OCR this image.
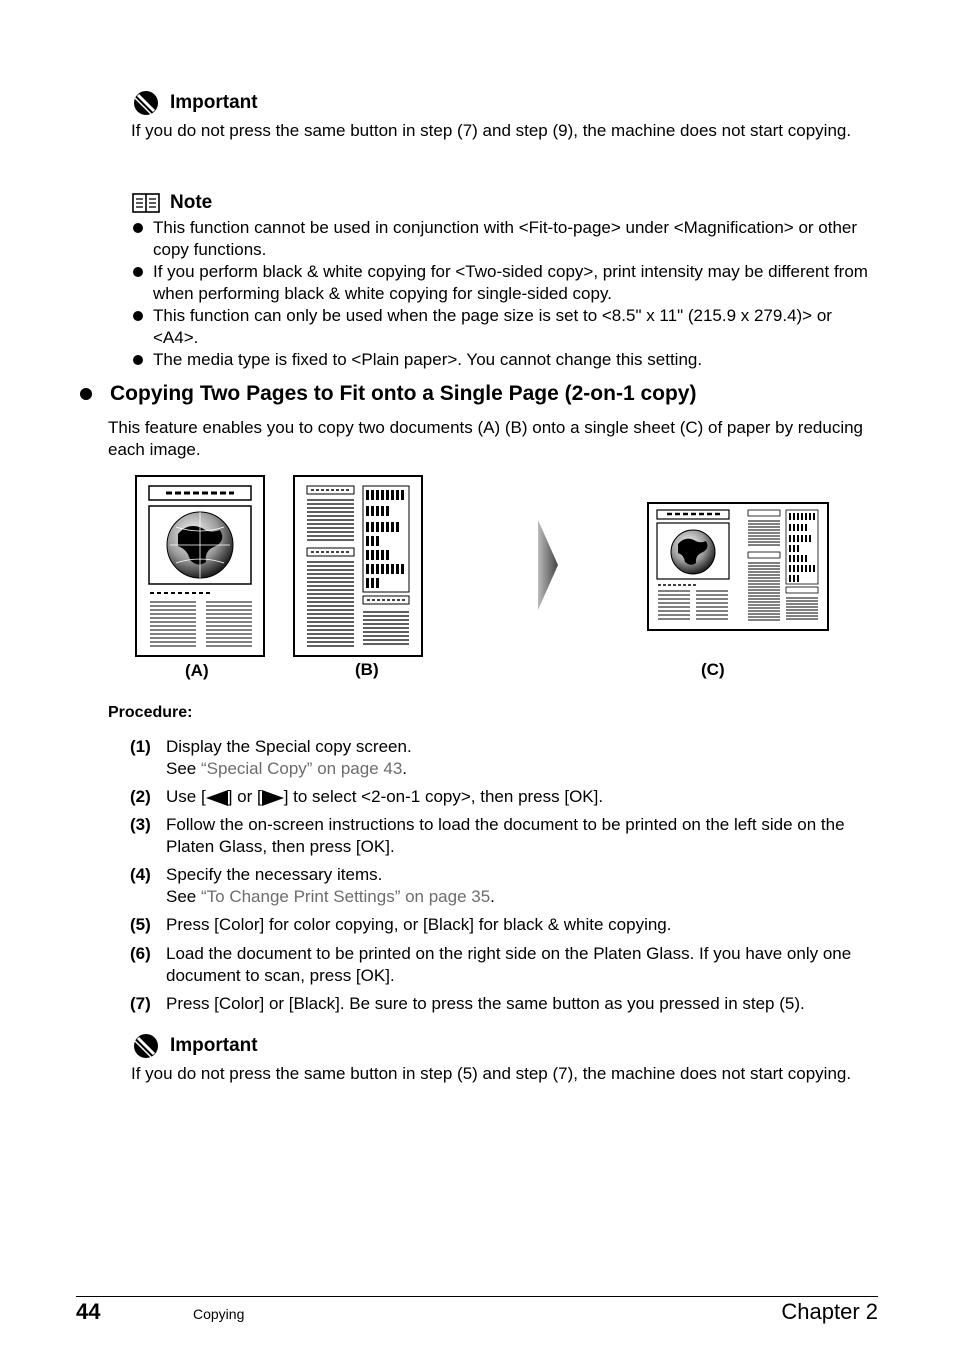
Important
If you do not press the same button in step (7) and step (9), the machine does not start copying.
Note
This function cannot be used in conjunction with <Fit-to-page> under <Magnification> or other copy functions.
If you perform black & white copying for <Two-sided copy>, print intensity may be different from when performing black & white copying for single-sided copy.
This function can only be used when the page size is set to <8.5" x 11" (215.9 x 279.4)> or <A4>.
The media type is fixed to <Plain paper>. You cannot change this setting.
Copying Two Pages to Fit onto a Single Page (2-on-1 copy)
This feature enables you to copy two documents (A) (B) onto a single sheet (C) of paper by reducing each image.
(A)	(B)	(C)
Procedure:
(1) Display the Special copy screen.
See “Special Copy” on page 43.
(2) Use [ ] or [ ] to select <2-on-1 copy>, then press [OK].
(3) Follow the on-screen instructions to load the document to be printed on the left side on the Platen Glass, then press [OK].
(4) Specify the necessary items.
See “To Change Print Settings” on page 35.
(5) Press [Color] for color copying, or [Black] for black & white copying.
(6) Load the document to be printed on the right side on the Platen Glass. If you have only one document to scan, press [OK].
(7) Press [Color] or [Black]. Be sure to press the same button as you pressed in step (5).
Important
If you do not press the same button in step (5) and step (7), the machine does not start copying.
44	Copying	Chapter 2
